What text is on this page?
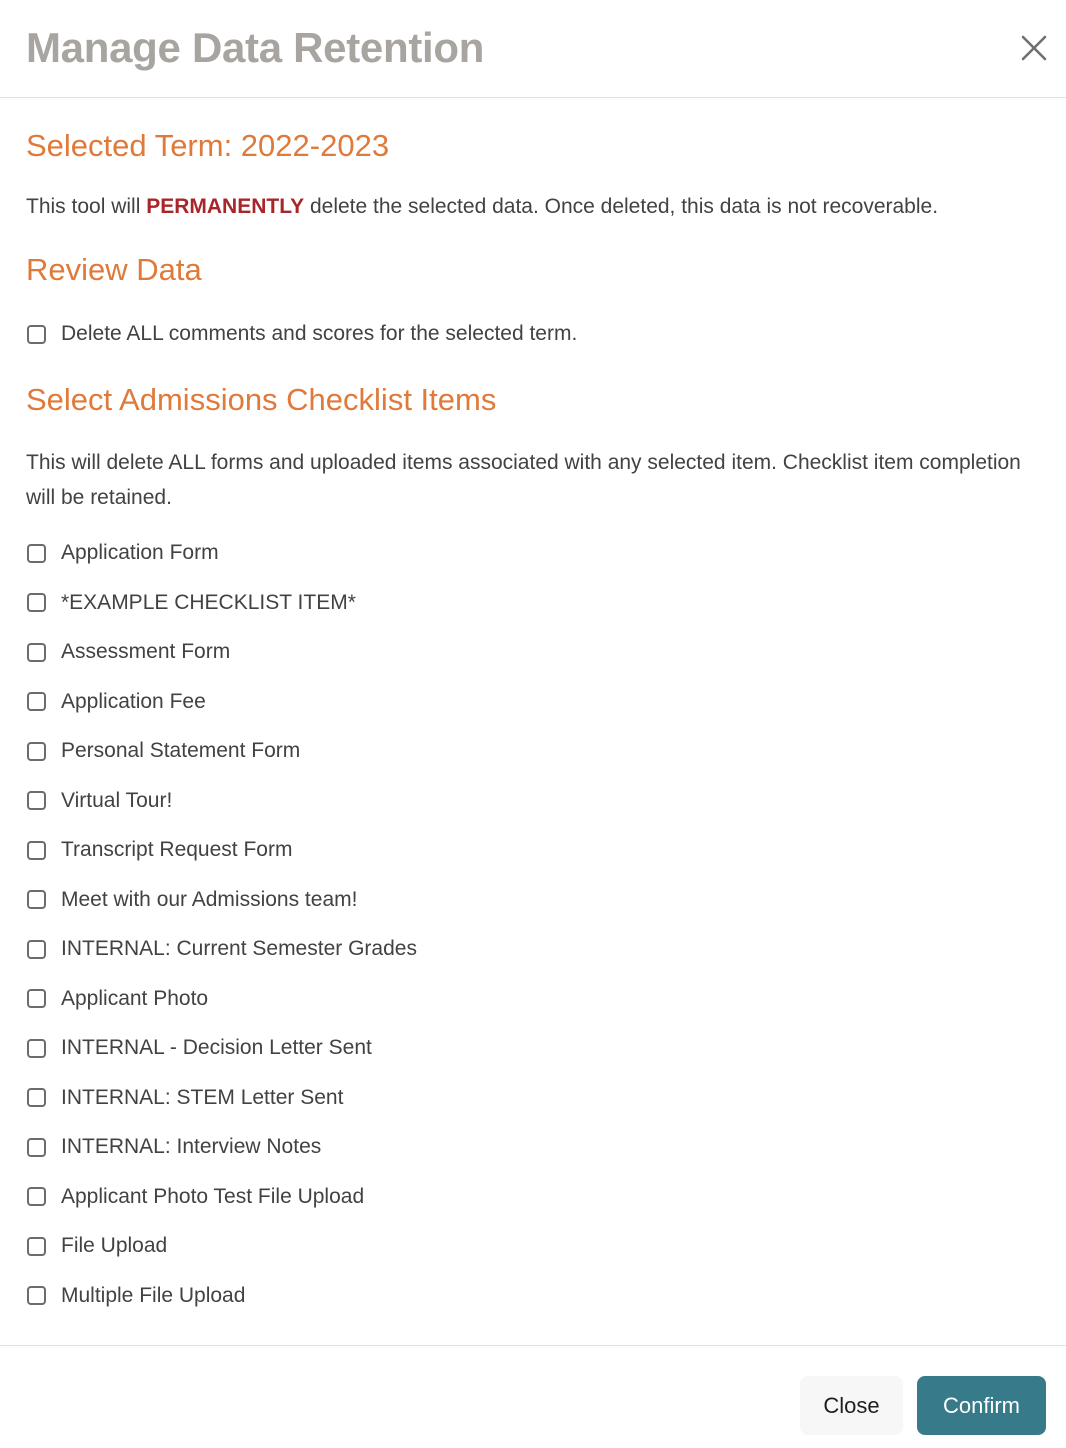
Manage Data Retention
Selected Term: 2022-2023

This tool will PERMANENTLY delete the selected data. Once deleted, this data is not recoverable.

Review Data
Delete ALL comments and scores for the selected term.
Select Admissions Checklist Items

This will delete ALL forms and uploaded items associated with any selected item. Checklist item completion will be retained.

Application Form
*EXAMPLE CHECKLIST ITEM*
Assessment Form
Application Fee
Personal Statement Form
Virtual Tour!
Transcript Request Form
Meet with our Admissions team!
INTERNAL: Current Semester Grades
Applicant Photo
INTERNAL - Decision Letter Sent
INTERNAL: STEM Letter Sent
INTERNAL: Interview Notes
Applicant Photo Test File Upload
File Upload
Multiple File Upload
Close	Confirm
